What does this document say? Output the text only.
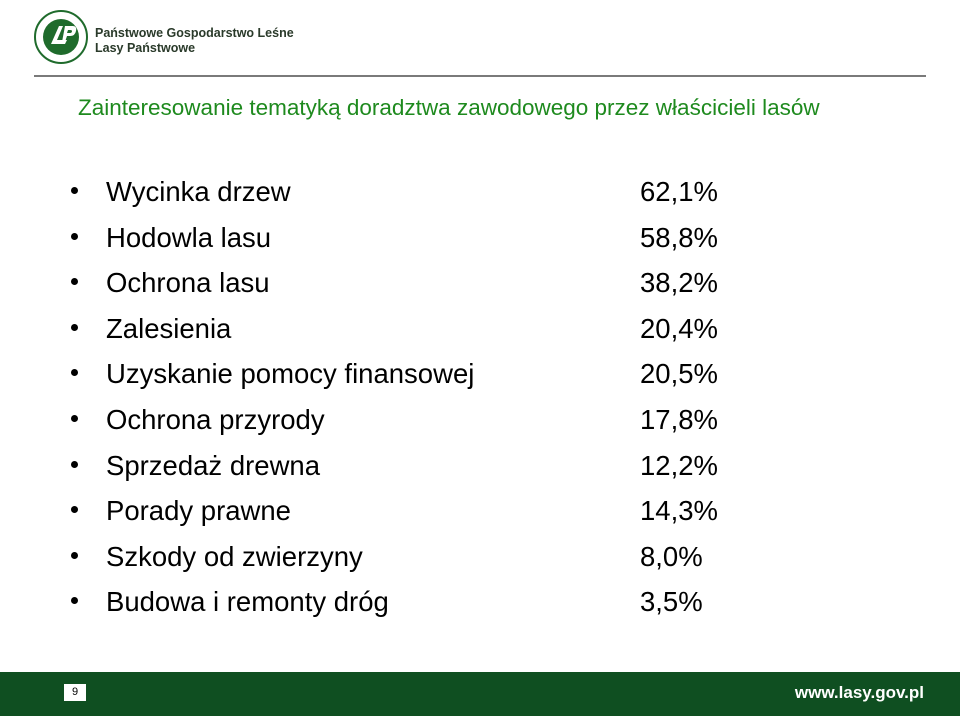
Państwowe Gospodarstwo Leśne
Lasy Państwowe
Zainteresowanie tematyką doradztwa zawodowego przez właścicieli lasów
Wycinka drzew	62,1%
Hodowla lasu	58,8%
Ochrona lasu	38,2%
Zalesienia	20,4%
Uzyskanie pomocy finansowej	20,5%
Ochrona przyrody	17,8%
Sprzedaż drewna	12,2%
Porady prawne	14,3%
Szkody od zwierzyny	8,0%
Budowa i remonty dróg	3,5%
9	www.lasy.gov.pl
